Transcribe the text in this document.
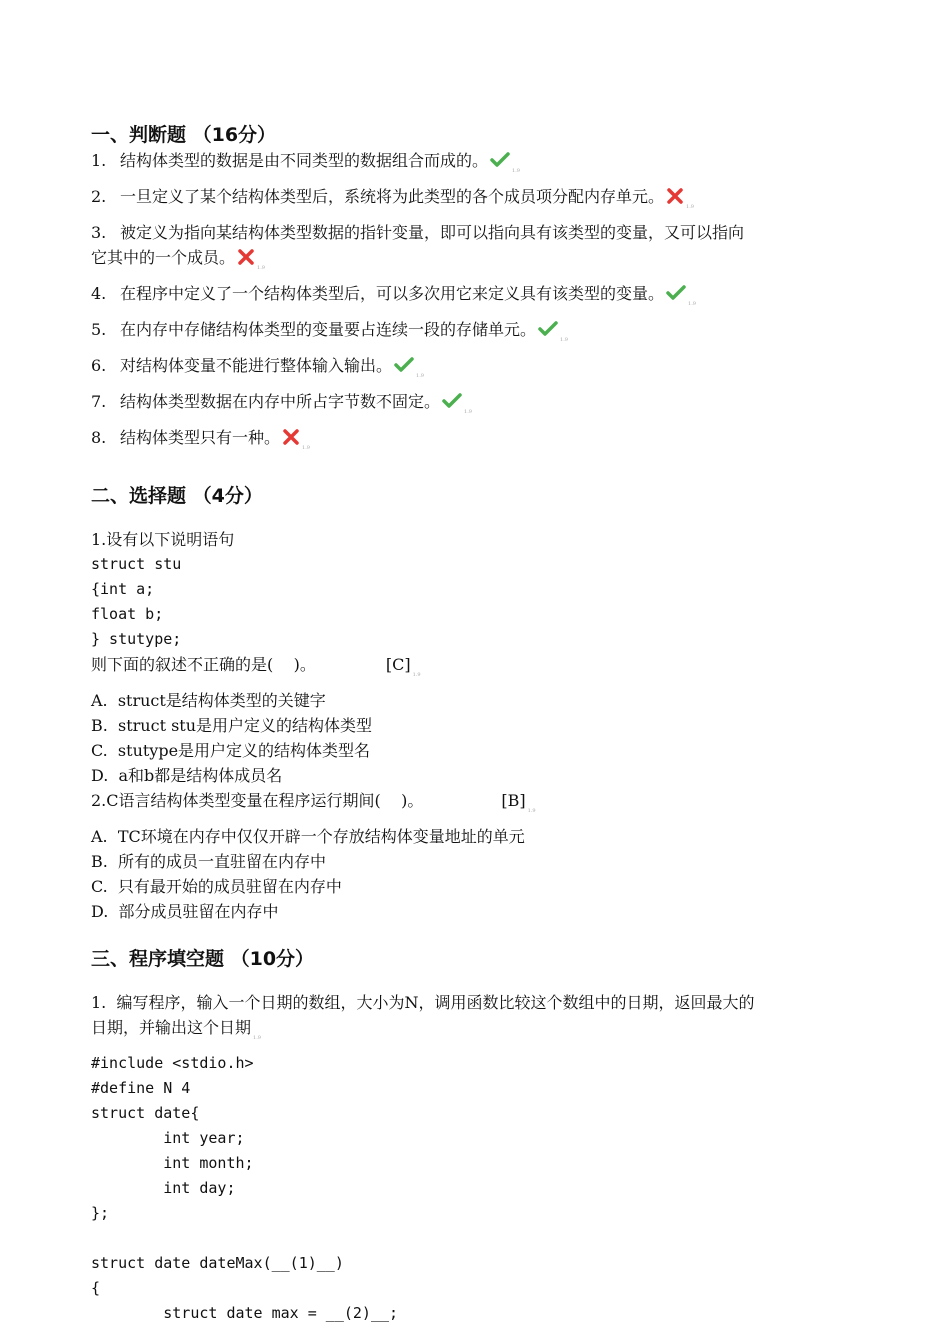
一、判断题 （16分）
1. 结构体类型的数据是由不同类型的数据组合而成的。
$_{1.9}$
2. 一旦定义了某个结构体类型后，系统将为此类型的各个成员项分配内存单元。
$_{1.9}$
3. 被定义为指向某结构体类型数据的指针变量，即可以指向具有该类型的变量，又可以指向
它其中的一个成员。
$_{1.9}$
4. 在程序中定义了一个结构体类型后，可以多次用它来定义具有该类型的变量。
$_{1.9}$
5. 在内存中存储结构体类型的变量要占连续一段的存储单元。
$_{1.9}$
6. 对结构体变量不能进行整体输入输出。
$_{1.9}$
7. 结构体类型数据在内存中所占字节数不固定。
$_{1.9}$
8. 结构体类型只有一种。
$_{1.9}$
二、选择题 （4分）
1.设有以下说明语句
struct stu
{int a;
float b;
} stutype;
则下面的叙述不正确的是(    )。	$[C]_{1.9}$
A.  struct是结构体类型的关键字
B.  struct stu是用户定义的结构体类型
C.  stutype是用户定义的结构体类型名
D.  a和b都是结构体成员名
2.C语言结构体类型变量在程序运行期间(    )。	$[B]_{1.9}$
A.  TC环境在内存中仅仅开辟一个存放结构体变量地址的单元
B.  所有的成员一直驻留在内存中
C.  只有最开始的成员驻留在内存中
D.  部分成员驻留在内存中
三、程序填空题 （10分）
1.  编写程序，输入一个日期的数组，大小为N，调用函数比较这个数组中的日期，返回最大的
日期，并输出这个日期$_{1.9}$
#include <stdio.h>
#define N 4
struct date{
int year;
int month;
int day;
};

struct date dateMax(__(1)__)
{
struct date max = __(2)__;
